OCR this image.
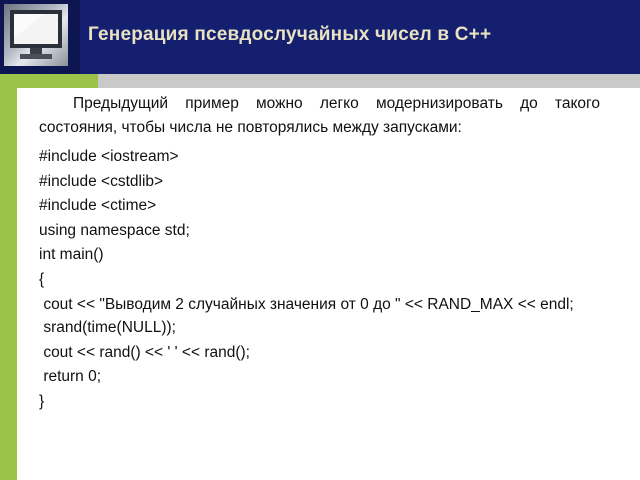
Генерация псевдослучайных чисел в С++

Предыдущий пример можно легко модернизировать до такого состояния, чтобы числа не повторялись между запусками:

#include <iostream>

#include <cstdlib>

#include <ctime>

using namespace std;

int main()

{

cout << "Выводим 2 случайных значения от 0 до " << RAND_MAX << endl;

srand(time(NULL));

cout << rand() << ' ' << rand();

return 0;

}
